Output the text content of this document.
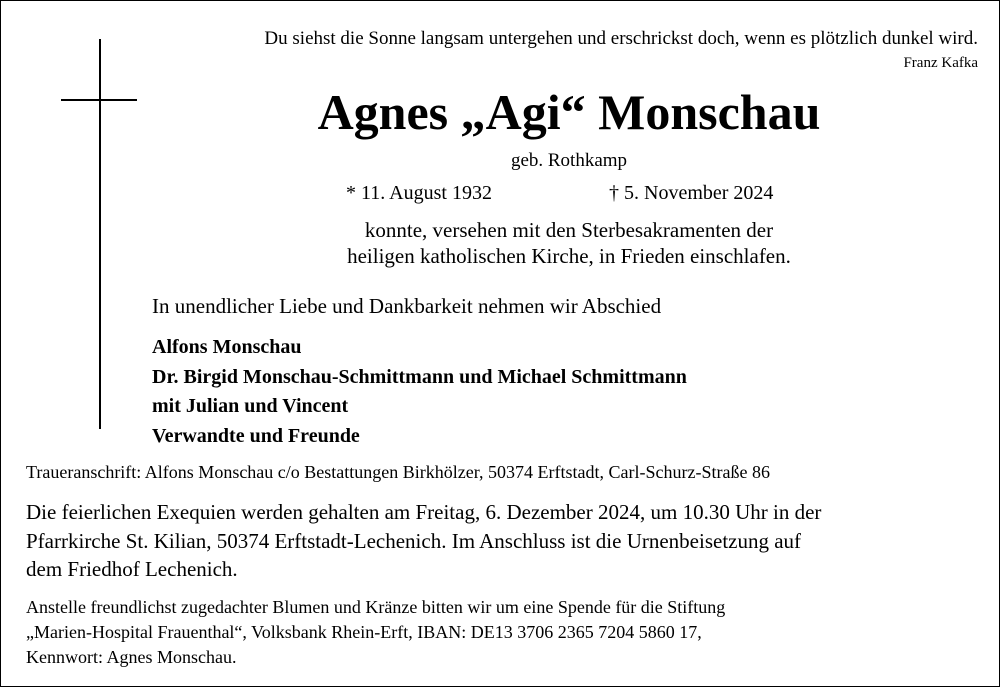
Du siehst die Sonne langsam untergehen und erschrickst doch, wenn es plötzlich dunkel wird.
Franz Kafka
Agnes „Agi“ Monschau
geb. Rothkamp
* 11. August 1932	† 5. November 2024
konnte, versehen mit den Sterbesakramenten der
heiligen katholischen Kirche, in Frieden einschlafen.
In unendlicher Liebe und Dankbarkeit nehmen wir Abschied
Alfons Monschau
Dr. Birgid Monschau-Schmittmann und Michael Schmittmann
mit Julian und Vincent
Verwandte und Freunde
Traueranschrift: Alfons Monschau c/o Bestattungen Birkhölzer, 50374 Erftstadt, Carl-Schurz-Straße 86
Die feierlichen Exequien werden gehalten am Freitag, 6. Dezember 2024, um 10.30 Uhr in der
Pfarrkirche St. Kilian, 50374 Erftstadt-Lechenich. Im Anschluss ist die Urnenbeisetzung auf
dem Friedhof Lechenich.
Anstelle freundlichst zugedachter Blumen und Kränze bitten wir um eine Spende für die Stiftung
„Marien-Hospital Frauenthal“, Volksbank Rhein-Erft, IBAN: DE13 3706 2365 7204 5860 17,
Kennwort: Agnes Monschau.
